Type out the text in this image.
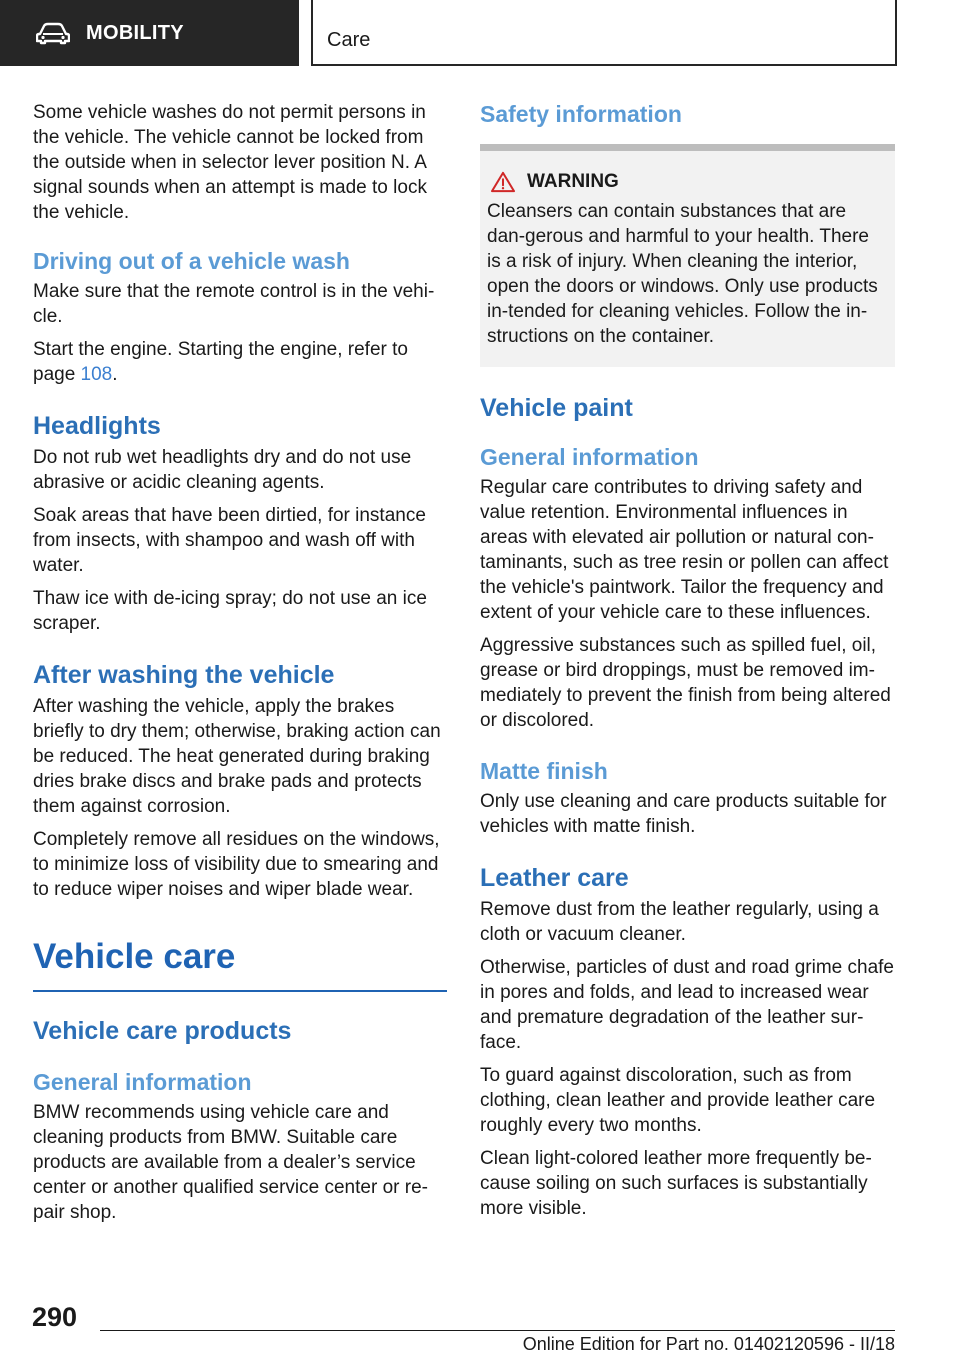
MOBILITY	Care

Some vehicle washes do not permit persons in the vehicle. The vehicle cannot be locked from the outside when in selector lever position N. A signal sounds when an attempt is made to lock the vehicle.

Driving out of a vehicle wash

Make sure that the remote control is in the vehi‐cle.

Start the engine. Starting the engine, refer to page 108.

Headlights

Do not rub wet headlights dry and do not use abrasive or acidic cleaning agents.

Soak areas that have been dirtied, for instance from insects, with shampoo and wash off with water.

Thaw ice with de-icing spray; do not use an ice scraper.

After washing the vehicle

After washing the vehicle, apply the brakes briefly to dry them; otherwise, braking action can be reduced. The heat generated during braking dries brake discs and brake pads and protects them against corrosion.

Completely remove all residues on the windows, to minimize loss of visibility due to smearing and to reduce wiper noises and wiper blade wear.

Vehicle care
Vehicle care products
General information

BMW recommends using vehicle care and cleaning products from BMW. Suitable care products are available from a dealer’s service center or another qualified service center or re‐pair shop.

Safety information
WARNING

Cleansers can contain substances that are dan‐gerous and harmful to your health. There is a risk of injury. When cleaning the interior, open the doors or windows. Only use products in‐tended for cleaning vehicles. Follow the in‐structions on the container.

Vehicle paint
General information

Regular care contributes to driving safety and value retention. Environmental influences in areas with elevated air pollution or natural con‐taminants, such as tree resin or pollen can affect the vehicle's paintwork. Tailor the frequency and extent of your vehicle care to these influences.

Aggressive substances such as spilled fuel, oil, grease or bird droppings, must be removed im‐mediately to prevent the finish from being altered or discolored.

Matte finish

Only use cleaning and care products suitable for vehicles with matte finish.

Leather care

Remove dust from the leather regularly, using a cloth or vacuum cleaner.

Otherwise, particles of dust and road grime chafe in pores and folds, and lead to increased wear and premature degradation of the leather sur‐face.

To guard against discoloration, such as from clothing, clean leather and provide leather care roughly every two months.

Clean light-colored leather more frequently be‐cause soiling on such surfaces is substantially more visible.

290
Online Edition for Part no. 01402120596 - II/18
